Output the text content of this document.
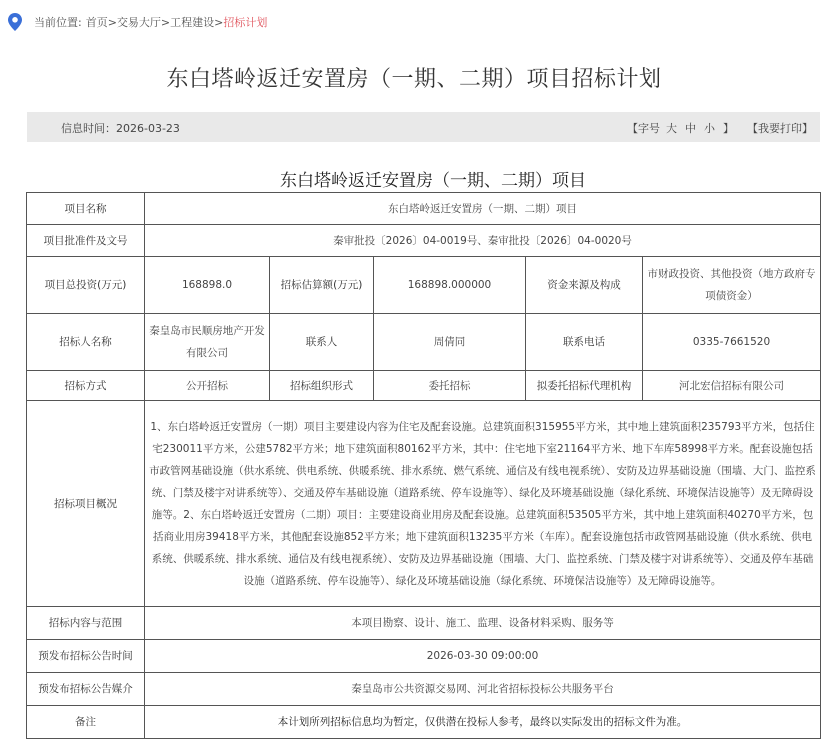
当前位置: 首页> 交易大厅> 工程建设> 招标计划
东白塔岭返迁安置房（一期、二期）项目招标计划
信息时间：2026-03-23	【字号 大 中 小 】	【我要打印】
东白塔岭返迁安置房（一期、二期）项目
项目名称	东白塔岭返迁安置房（一期、二期）项目				
项目批准件及文号	秦审批投〔2026〕04-0019号、秦审批投〔2026〕04-0020号				
项目总投资(万元)	168898.0	招标估算额(万元)	168898.000000	资金来源及构成	市财政投资、其他投资（地方政府专项债资金）
招标人名称	秦皇岛市民顺房地产开发有限公司	联系人	周倩同	联系电话	0335-7661520
招标方式	公开招标	招标组织形式	委托招标	拟委托招标代理机构	河北宏信招标有限公司
招标项目概况	1、东白塔岭返迁安置房（一期）项目主要建设内容为住宅及配套设施。总建筑面积315955平方米，其中地上建筑面积235793平方米，包括住宅230011平方米，公建5782平方米；地下建筑面积80162平方米，其中：住宅地下室21164平方米、地下车库58998平方米。配套设施包括市政管网基础设施（供水系统、供电系统、供暖系统、排水系统、燃气系统、通信及有线电视系统）、安防及边界基础设施（围墙、大门、监控系统、门禁及楼宇对讲系统等）、交通及停车基础设施（道路系统、停车设施等）、绿化及环境基础设施（绿化系统、环境保洁设施等）及无障碍设施等。2、东白塔岭返迁安置房（二期）项目：主要建设商业用房及配套设施。总建筑面积53505平方米，其中地上建筑面积40270平方米，包括商业用房39418平方米，其他配套设施852平方米；地下建筑面积13235平方米（车库）。配套设施包括市政管网基础设施（供水系统、供电系统、供暖系统、排水系统、通信及有线电视系统）、安防及边界基础设施（围墙、大门、监控系统、门禁及楼宇对讲系统等）、交通及停车基础设施（道路系统、停车设施等）、绿化及环境基础设施（绿化系统、环境保洁设施等）及无障碍设施等。				
招标内容与范围	本项目勘察、设计、施工、监理、设备材料采购、服务等				
预发布招标公告时间	2026-03-30 09:00:00				
预发布招标公告媒介	秦皇岛市公共资源交易网、河北省招标投标公共服务平台				
备注	本计划所列招标信息均为暂定，仅供潜在投标人参考，最终以实际发出的招标文件为准。				
